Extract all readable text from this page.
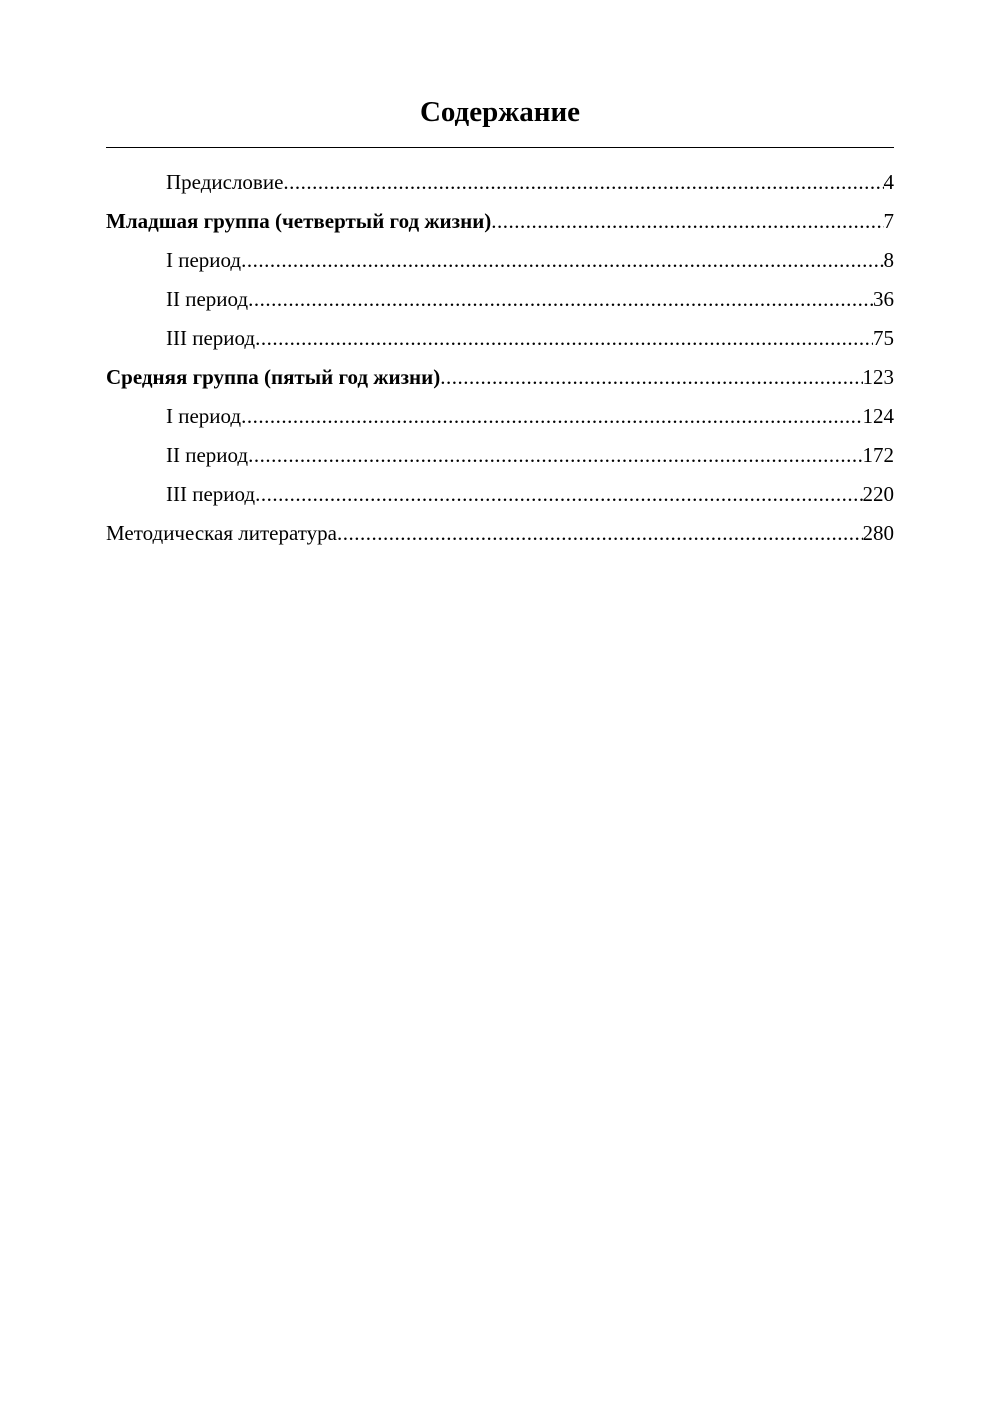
Содержание
Предисловие .....	4
Младшая группа (четвертый год жизни) .....	7
I период .....	8
II период .....	36
III период .....	75
Средняя группа (пятый год жизни) .....	123
I период .....	124
II период .....	172
III период .....	220
Методическая литература .....	280
